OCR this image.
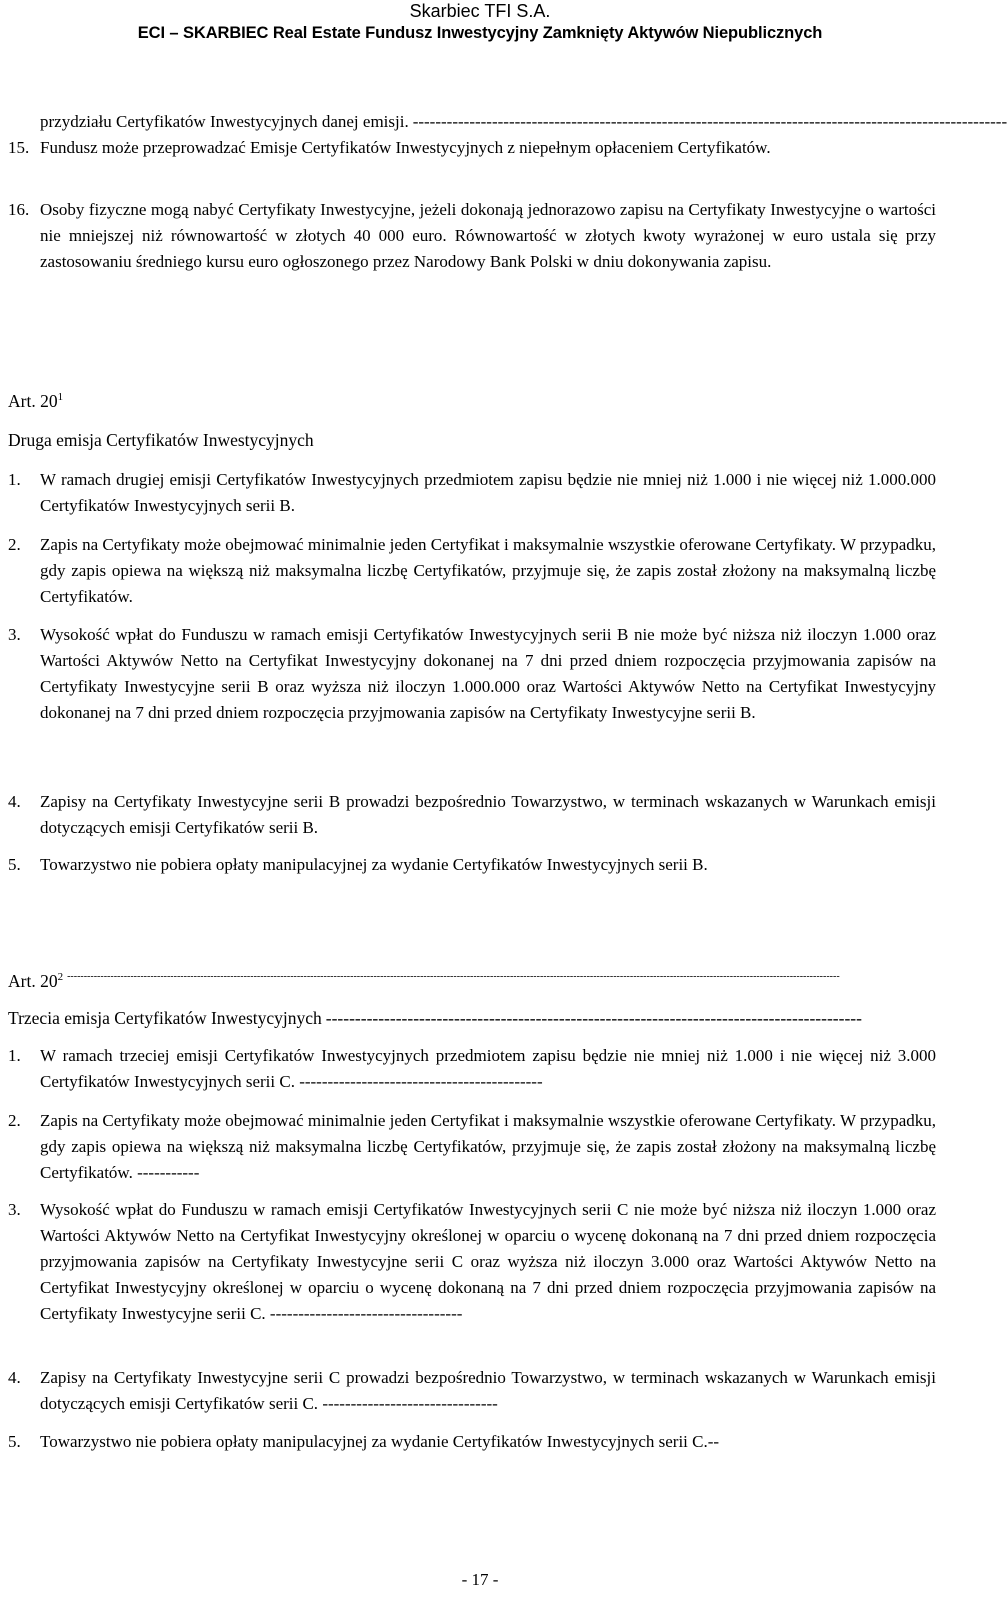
Skarbiec TFI S.A.
ECI – SKARBIEC Real Estate Fundusz Inwestycyjny Zamknięty Aktywów Niepublicznych
przydziału Certyfikatów Inwestycyjnych danej emisji. ---------------------------------------------------------------------------------------------------------
15. Fundusz może przeprowadzać Emisje Certyfikatów Inwestycyjnych z niepełnym opłaceniem Certyfikatów.
16. Osoby fizyczne mogą nabyć Certyfikaty Inwestycyjne, jeżeli dokonają jednorazowo zapisu na Certyfikaty Inwestycyjne o wartości nie mniejszej niż równowartość w złotych 40 000 euro. Równowartość w złotych kwoty wyrażonej w euro ustala się przy zastosowaniu średniego kursu euro ogłoszonego przez Narodowy Bank Polski w dniu dokonywania zapisu.
Art. $20^1$
Druga emisja Certyfikatów Inwestycyjnych
1. W ramach drugiej emisji Certyfikatów Inwestycyjnych przedmiotem zapisu będzie nie mniej niż 1.000 i nie więcej niż 1.000.000 Certyfikatów Inwestycyjnych serii B.
2. Zapis na Certyfikaty może obejmować minimalnie jeden Certyfikat i maksymalnie wszystkie oferowane Certyfikaty. W przypadku, gdy zapis opiewa na większą niż maksymalna liczbę Certyfikatów, przyjmuje się, że zapis został złożony na maksymalną liczbę Certyfikatów.
3. Wysokość wpłat do Funduszu w ramach emisji Certyfikatów Inwestycyjnych serii B nie może być niższa niż iloczyn 1.000 oraz Wartości Aktywów Netto na Certyfikat Inwestycyjny dokonanej na 7 dni przed dniem rozpoczęcia przyjmowania zapisów na Certyfikaty Inwestycyjne serii B oraz wyższa niż iloczyn 1.000.000 oraz Wartości Aktywów Netto na Certyfikat Inwestycyjny dokonanej na 7 dni przed dniem rozpoczęcia przyjmowania zapisów na Certyfikaty Inwestycyjne serii B.
4. Zapisy na Certyfikaty Inwestycyjne serii B prowadzi bezpośrednio Towarzystwo, w terminach wskazanych w Warunkach emisji dotyczących emisji Certyfikatów serii B.
5. Towarzystwo nie pobiera opłaty manipulacyjnej za wydanie Certyfikatów Inwestycyjnych serii B.
Art. $20^2$ ----------------------------------------------------------------------------------------------------------------------------------------------------------------------------------------------------------------------------------------
Trzecia emisja Certyfikatów Inwestycyjnych --------------------------------------------------------------------------------------------
1. W ramach trzeciej emisji Certyfikatów Inwestycyjnych przedmiotem zapisu będzie nie mniej niż 1.000 i nie więcej niż 3.000 Certyfikatów Inwestycyjnych serii C. -------------------------------------------
2. Zapis na Certyfikaty może obejmować minimalnie jeden Certyfikat i maksymalnie wszystkie oferowane Certyfikaty. W przypadku, gdy zapis opiewa na większą niż maksymalna liczbę Certyfikatów, przyjmuje się, że zapis został złożony na maksymalną liczbę Certyfikatów. -----------
3. Wysokość wpłat do Funduszu w ramach emisji Certyfikatów Inwestycyjnych serii C nie może być niższa niż iloczyn 1.000 oraz Wartości Aktywów Netto na Certyfikat Inwestycyjny określonej w oparciu o wycenę dokonaną na 7 dni przed dniem rozpoczęcia przyjmowania zapisów na Certyfikaty Inwestycyjne serii C oraz wyższa niż iloczyn 3.000 oraz Wartości Aktywów Netto na Certyfikat Inwestycyjny określonej w oparciu o wycenę dokonaną na 7 dni przed dniem rozpoczęcia przyjmowania zapisów na Certyfikaty Inwestycyjne serii C. ----------------------------------
4. Zapisy na Certyfikaty Inwestycyjne serii C prowadzi bezpośrednio Towarzystwo, w terminach wskazanych w Warunkach emisji dotyczących emisji Certyfikatów serii C. -------------------------------
5. Towarzystwo nie pobiera opłaty manipulacyjnej za wydanie Certyfikatów Inwestycyjnych serii C.--
- 17 -
